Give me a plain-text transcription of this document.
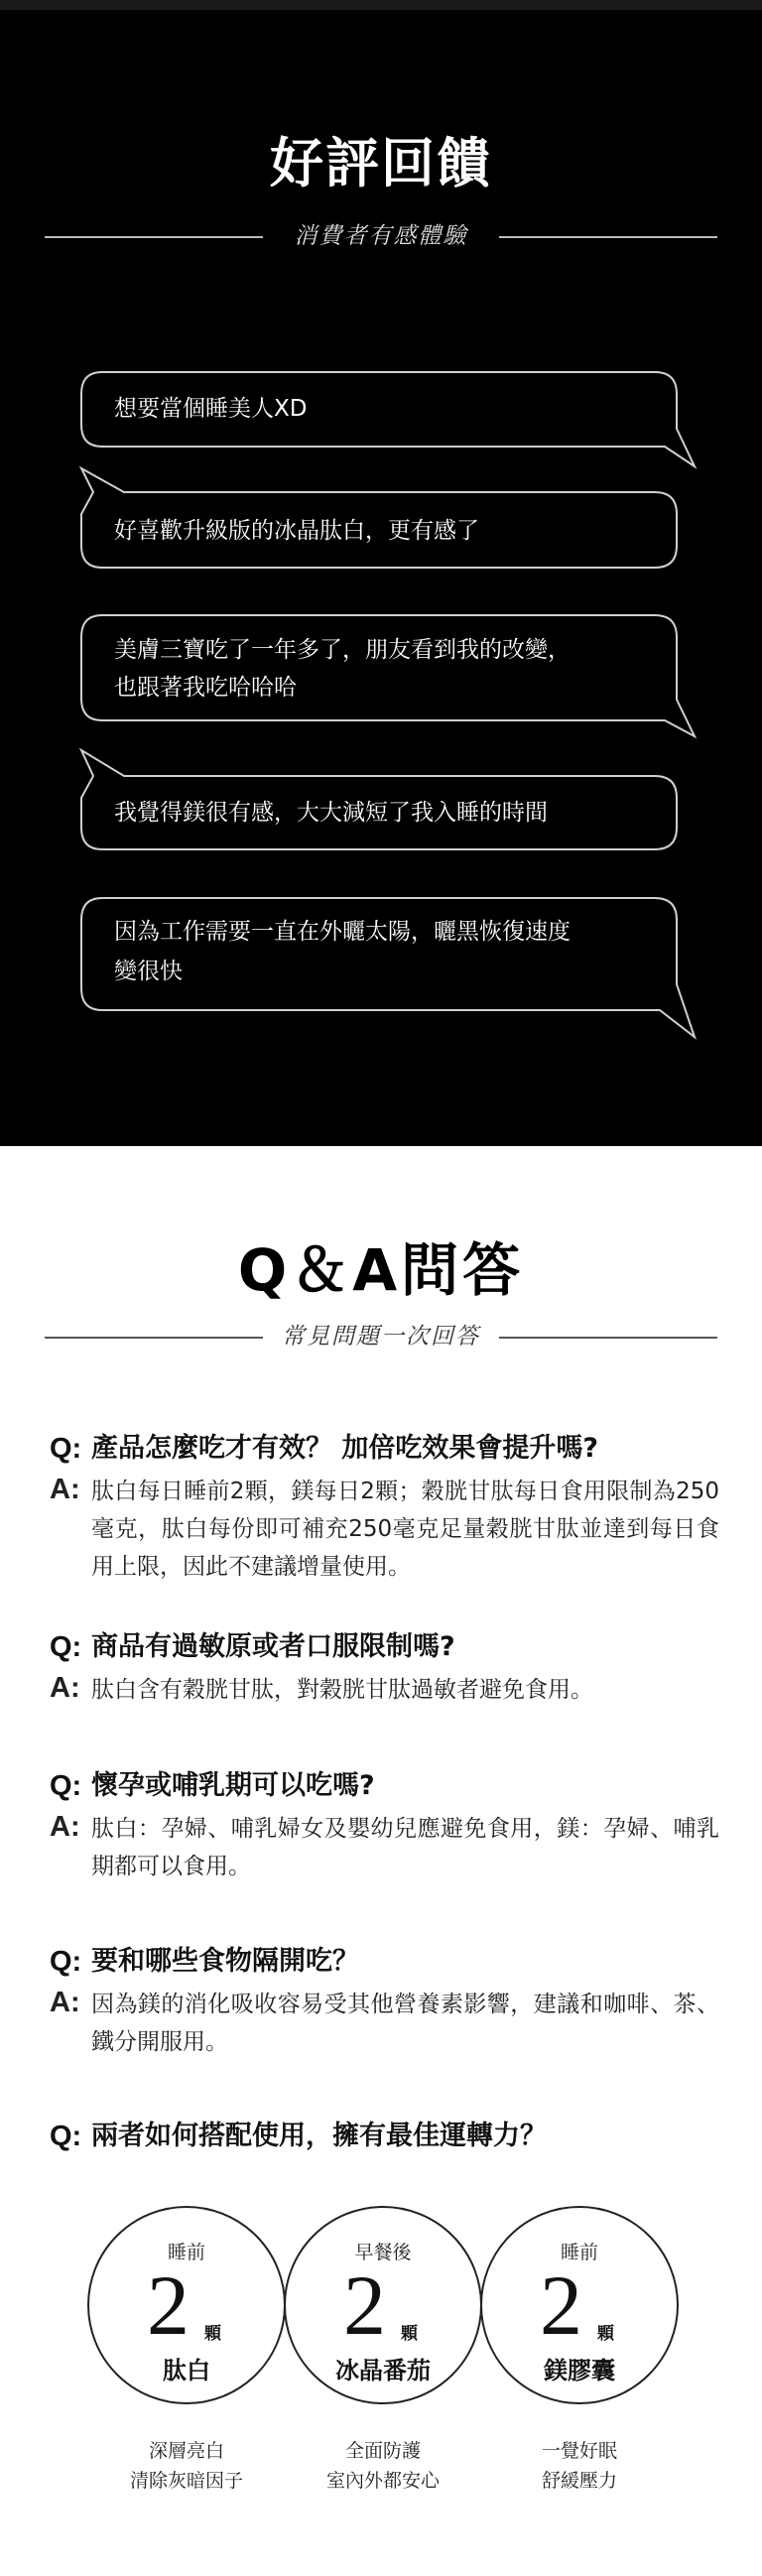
好評回饋
消費者有感體驗
想要當個睡美人XD
好喜歡升級版的冰晶肽白，更有感了
美膚三寶吃了一年多了，朋友看到我的改變，
也跟著我吃哈哈哈
我覺得鎂很有感，大大減短了我入睡的時間
因為工作需要一直在外曬太陽，曬黑恢復速度
變很快
Q＆A問答
常見問題一次回答
Q: 產品怎麼吃才有效？ 加倍吃效果會提升嗎?
A: 肽白每日睡前2顆，鎂每日2顆；穀胱甘肽每日食用限制為250毫克，肽白每份即可補充250毫克足量穀胱甘肽並達到每日食用上限，因此不建議增量使用。
Q: 商品有過敏原或者口服限制嗎?
A: 肽白含有穀胱甘肽，對穀胱甘肽過敏者避免食用。
Q: 懷孕或哺乳期可以吃嗎?
A: 肽白：孕婦、哺乳婦女及嬰幼兒應避免食用，鎂：孕婦、哺乳期都可以食用。
Q: 要和哪些食物隔開吃？
A: 因為鎂的消化吸收容易受其他營養素影響，建議和咖啡、茶、鐵分開服用。
Q: 兩者如何搭配使用，擁有最佳運轉力？
睡前
2 顆
肽白
早餐後
2 顆
冰晶番茄
睡前
2 顆
鎂膠囊
深層亮白
清除灰暗因子
全面防護
室內外都安心
一覺好眠
舒緩壓力
